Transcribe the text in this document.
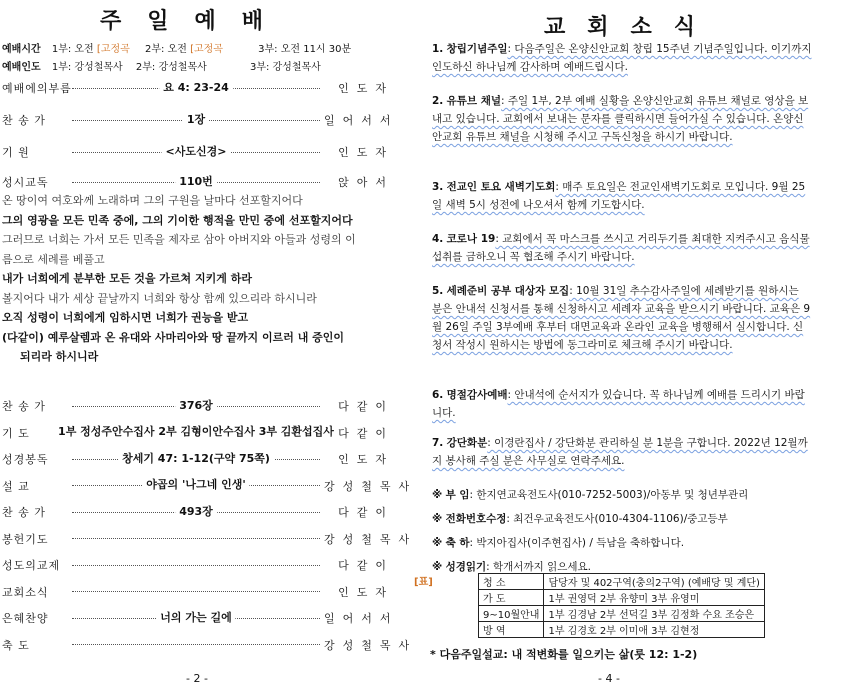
주일예배
예배시간 1부: 오전 [고정곡 2부: 오전 [고정곡	3부: 오전 11시 30분
예배인도 1부: 강성철목사 2부: 강성철목사	3부: 강성철목사
예배에의부름	요 4: 23-24	인도자
찬 송 가	1장	일어서서
기 원	<사도신경>	인도자
성시교독	110번	앉아서
온 땅이여 여호와께 노래하며 그의 구원을 날마다 선포할지어다
그의 영광을 모든 민족 중에, 그의 기이한 행적을 만민 중에 선포할지어다
그러므로 너희는 가서 모든 민족을 제자로 삼아 아버지와 아들과 성령의 이
름으로 세례를 베풀고
내가 너희에게 분부한 모든 것을 가르쳐 지키게 하라
볼지어다 내가 세상 끝날까지 너희와 항상 함께 있으리라 하시니라
오직 성령이 너희에게 임하시면 너희가 권능을 받고
(다같이) 예루살렘과 온 유대와 사마리아와 땅 끝까지 이르러 내 증인이
되리라 하시니라
찬 송 가	376장	다같이
기 도	1부 정성주안수집사 2부 김형이안수집사 3부 김환섭집사 다같이
성경봉독	창세기 47: 1-12(구약 75쪽)	인도자
설 교	야곱의 '나그네 인생'	강성철목사
찬 송 가	493장	다같이
봉헌기도	강성철목사
성도의교제	다같이
교회소식	인도자
은혜찬양	너의 가는 길에	일어서서
축 도	강성철목사
- 2 -
교회소식
1. 창립기념주일: 다음주일은 온양신안교회 창립 15주년 기념주일입니다. 이기까지 인도하신 하나님께 감사하며 예배드립시다.
2. 유튜브 채널: 주일 1부, 2부 예배 실황을 온양신안교회 유튜브 채널로 영상을 보내고 있습니다. 교회에서 보내는 문자를 클릭하시면 들어가실 수 있습니다. 온양신안교회 유튜브 채널을 시청해 주시고 구독신청을 하시기 바랍니다.
3. 전교인 토요 새벽기도회: 매주 토요일은 전교인새벽기도회로 모입니다. 9월 25일 새벽 5시 성전에 나오셔서 함께 기도합시다.
4. 코로나 19: 교회에서 꼭 마스크를 쓰시고 거리두기를 최대한 지켜주시고 음식물 섭취를 금하오니 꼭 협조해 주시기 바랍니다.
5. 세례준비 공부 대상자 모집: 10월 31일 추수감사주일에 세례받기를 원하시는 분은 안내석 신청서를 통해 신청하시고 세례자 교육을 받으시기 바랍니다. 교육은 9월 26일 주일 3부예배 후부터 대면교육과 온라인 교육을 병행해서 실시합니다. 신청서 작성시 원하시는 방법에 동그라미로 체크해 주시기 바랍니다.
6. 명절감사예배: 안내석에 순서지가 있습니다. 꼭 하나님께 예배를 드리시기 바랍니다.
7. 강단화분: 이경란집사 / 강단화분 관리하실 분 1분을 구합니다. 2022년 12월까지 봉사해 주실 분은 사무실로 연락주세요.
※ 부 임: 한지연교육전도사(010-7252-5003)/아동부 및 청년부관리
※ 전화번호수정: 최건우교육전도사(010-4304-1106)/중고등부
※ 축 하: 박지아집사(이주현집사) / 득남을 축하합니다.
※ 성경읽기: 학개서까지 읽으세요.
[표]	청 소	담당자 및 402구역(충의2구역) (예배당 및 계단)
가 도	1부 권영덕 2부 유향미 3부 유영미
9~10월안내	1부 김경남 2부 선덕길 3부 김정화 수요 조승은
방 역	1부 김경호 2부 이미애 3부 김현정
* 다음주일설교: 내 적변화를 일으키는 삶(룻 12: 1-2)
- 4 -
